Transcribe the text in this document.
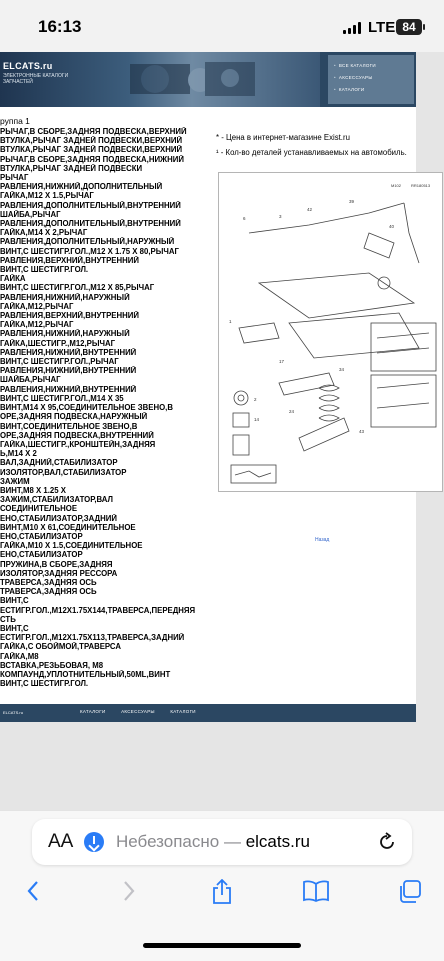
16:13	LTE 84
ELCATS.ru
ЭЛЕКТРОННЫЕ КАТАЛОГИ ЗАПЧАСТЕЙ
• ВСЕ КАТАЛОГИ
• АКСЕССУАРЫ
• КАТАЛОГИ
руппа 1
РЫЧАГ,В СБОРЕ,ЗАДНЯЯ ПОДВЕСКА,ВЕРХНИЙ
ВТУЛКА,РЫЧАГ ЗАДНЕЙ ПОДВЕСКИ,ВЕРХНИЙ
ВТУЛКА,РЫЧАГ ЗАДНЕЙ ПОДВЕСКИ,ВЕРХНИЙ
РЫЧАГ,В СБОРЕ,ЗАДНЯЯ ПОДВЕСКА,НИЖНИЙ
ВТУЛКА,РЫЧАГ ЗАДНЕЙ ПОДВЕСКИ
РЫЧАГ
РАВЛЕНИЯ,НИЖНИЙ,ДОПОЛНИТЕЛЬНЫЙ
ГАЙКА,М12 Х 1.5,РЫЧАГ
РАВЛЕНИЯ,ДОПОЛНИТЕЛЬНЫЙ,ВНУТРЕННИЙ
ШАЙБА,РЫЧАГ
РАВЛЕНИЯ,ДОПОЛНИТЕЛЬНЫЙ,ВНУТРЕННИЙ
ГАЙКА,М14 Х 2,РЫЧАГ
РАВЛЕНИЯ,ДОПОЛНИТЕЛЬНЫЙ,НАРУЖНЫЙ
ВИНТ,С ШЕСТИГР.ГОЛ.,М12 Х 1.75 Х 80,РЫЧАГ
РАВЛЕНИЯ,ВЕРХНИЙ,ВНУТРЕННИЙ
ВИНТ,С ШЕСТИГР.ГОЛ.
ГАЙКА
ВИНТ,С ШЕСТИГР.ГОЛ.,М12 Х 85,РЫЧАГ
РАВЛЕНИЯ,НИЖНИЙ,НАРУЖНЫЙ
ГАЙКА,М12,РЫЧАГ
РАВЛЕНИЯ,ВЕРХНИЙ,ВНУТРЕННИЙ
ГАЙКА,М12,РЫЧАГ
РАВЛЕНИЯ,НИЖНИЙ,НАРУЖНЫЙ
ГАЙКА,ШЕСТИГР.,М12,РЫЧАГ
РАВЛЕНИЯ,НИЖНИЙ,ВНУТРЕННИЙ
ВИНТ,С ШЕСТИГР.ГОЛ.,РЫЧАГ
РАВЛЕНИЯ,НИЖНИЙ,ВНУТРЕННИЙ
ШАЙБА,РЫЧАГ
РАВЛЕНИЯ,НИЖНИЙ,ВНУТРЕННИЙ
ВИНТ,С ШЕСТИГР.ГОЛ.,М14 Х 35
ВИНТ,М14 Х 95,СОЕДИНИТЕЛЬНОЕ ЗВЕНО,В
ОРЕ,ЗАДНЯЯ ПОДВЕСКА,НАРУЖНЫЙ
ВИНТ,СОЕДИНИТЕЛЬНОЕ ЗВЕНО,В
ОРЕ,ЗАДНЯЯ ПОДВЕСКА,ВНУТРЕННИЙ
ГАЙКА,ШЕСТИГР.,КРОНШТЕЙН,ЗАДНЯЯ
Ь,М14 Х 2
ВАЛ,ЗАДНИЙ,СТАБИЛИЗАТОР
ИЗОЛЯТОР,ВАЛ,СТАБИЛИЗАТОР
ЗАЖИМ
ВИНТ,М8 Х 1.25 Х
ЗАЖИМ,СТАБИЛИЗАТОР,ВАЛ
СОЕДИНИТЕЛЬНОЕ
ЕНО,СТАБИЛИЗАТОР,ЗАДНИЙ
ВИНТ,М10 Х 61,СОЕДИНИТЕЛЬНОЕ
ЕНО,СТАБИЛИЗАТОР
ГАЙКА,М10 Х 1.5,СОЕДИНИТЕЛЬНОЕ
ЕНО,СТАБИЛИЗАТОР
ПРУЖИНА,В СБОРЕ,ЗАДНЯЯ
ИЗОЛЯТОР,ЗАДНЯЯ РЕССОРА
ТРАВЕРСА,ЗАДНЯЯ ОСЬ
ТРАВЕРСА,ЗАДНЯЯ ОСЬ
ВИНТ,С
ЕСТИГР.ГОЛ.,М12Х1.75Х144,ТРАВЕРСА,ПЕРЕДНЯЯ
СТЬ
ВИНТ,С
ЕСТИГР.ГОЛ.,М12Х1.75Х113,ТРАВЕРСА,ЗАДНИЙ
ГАЙКА,С ОБОЙМОЙ,ТРАВЕРСА
ГАЙКА,М8
ВСТАВКА,РЕЗЬБОВАЯ, М8
КОМПАУНД,УПЛОТНИТЕЛЬНЫЙ,50ML,ВИНТ
ВИНТ,С ШЕСТИГР.ГОЛ.
* - Цена в интернет-магазине Exist.ru
¹ - Кол-во деталей устанавливаемых на автомобиль.
6	3
42
39
40
1
17
34
24
43
2
14
M102 RR180513
Назад
ELCATS.ru	КАТАЛОГИ	АКСЕССУАРЫ	КАТАЛОГИ
AA	Небезопасно — elcats.ru
